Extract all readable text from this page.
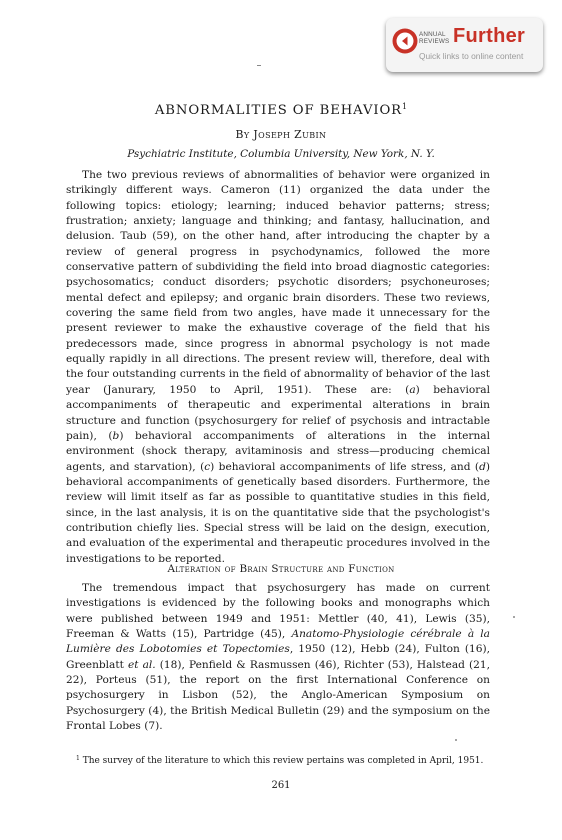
ANNUAL
REVIEWS Further
Quick links to online content
ABNORMALITIES OF BEHAVIOR$^1$
By Joseph Zubin
Psychiatric Institute, Columbia University, New York, N. Y.

The two previous reviews of abnormalities of behavior were organized in strikingly different ways. Cameron (11) organized the data under the following topics: etiology; learning; induced behavior patterns; stress; frustration; anxiety; language and thinking; and fantasy, hallucination, and delusion. Taub (59), on the other hand, after introducing the chapter by a review of general progress in psychodynamics, followed the more conservative pattern of subdividing the field into broad diagnostic categories: psychosomatics; conduct disorders; psychotic disorders; psychoneuroses; mental defect and epilepsy; and organic brain disorders. These two reviews, covering the same field from two angles, have made it unnecessary for the present reviewer to make the exhaustive coverage of the field that his predecessors made, since progress in abnormal psychology is not made equally rapidly in all directions. The present review will, therefore, deal with the four outstanding currents in the field of abnormality of behavior of the last year (Janurary, 1950 to April, 1951). These are: (a) behavioral accompaniments of therapeutic and experimental alterations in brain structure and function (psychosurgery for relief of psychosis and intractable pain), (b) behavioral accompaniments of alterations in the internal environment (shock therapy, avitaminosis and stress—producing chemical agents, and starvation), (c) behavioral accompaniments of life stress, and (d) behavioral accompaniments of genetically based disorders. Furthermore, the review will limit itself as far as possible to quantitative studies in this field, since, in the last analysis, it is on the quantitative side that the psychologist's contribution chiefly lies. Special stress will be laid on the design, execution, and evaluation of the experimental and therapeutic procedures involved in the investigations to be reported.

Alteration of Brain Structure and Function

The tremendous impact that psychosurgery has made on current investigations is evidenced by the following books and monographs which were published between 1949 and 1951: Mettler (40, 41), Lewis (35), Freeman & Watts (15), Partridge (45), Anatomo-Physiologie cérébrale à la Lumière des Lobotomies et Topectomies, 1950 (12), Hebb (24), Fulton (16), Greenblatt et al. (18), Penfield & Rasmussen (46), Richter (53), Halstead (21, 22), Porteus (51), the report on the first International Conference on psychosurgery in Lisbon (52), the Anglo-American Symposium on Psychosurgery (4), the British Medical Bulletin (29) and the symposium on the Frontal Lobes (7).

$^1$ The survey of the literature to which this review pertains was completed in April, 1951.

261
